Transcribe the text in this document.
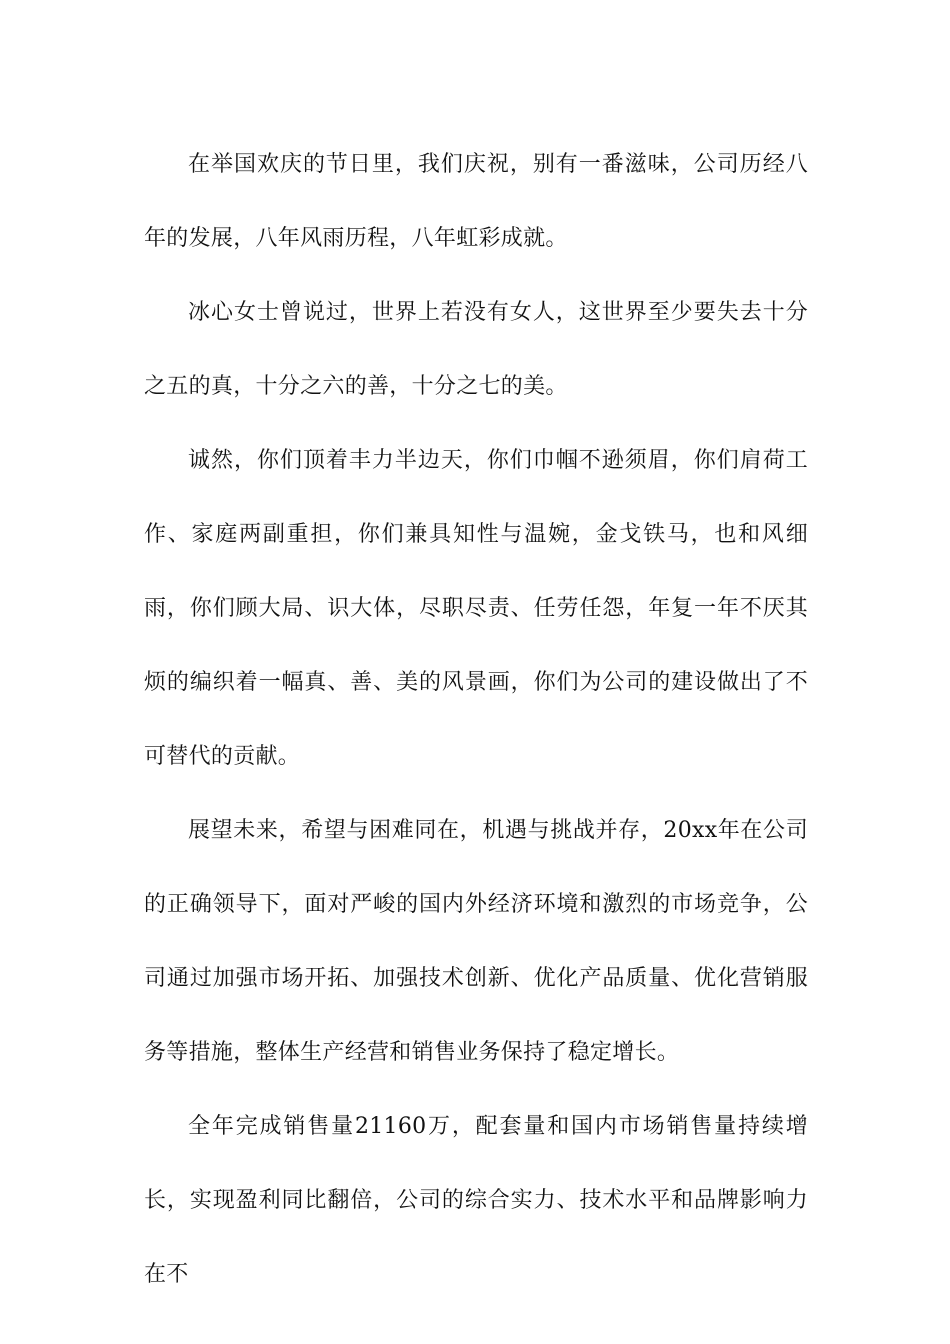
在举国欢庆的节日里，我们庆祝，别有一番滋味，公司历经八年的发展，八年风雨历程，八年虹彩成就。

冰心女士曾说过，世界上若没有女人，这世界至少要失去十分之五的真，十分之六的善，十分之七的美。

诚然，你们顶着丰力半边天，你们巾帼不逊须眉，你们肩荷工作、家庭两副重担，你们兼具知性与温婉，金戈铁马，也和风细雨，你们顾大局、识大体，尽职尽责、任劳任怨，年复一年不厌其烦的编织着一幅真、善、美的风景画，你们为公司的建设做出了不可替代的贡献。

展望未来，希望与困难同在，机遇与挑战并存，20xx年在公司的正确领导下，面对严峻的国内外经济环境和激烈的市场竞争，公司通过加强市场开拓、加强技术创新、优化产品质量、优化营销服务等措施，整体生产经营和销售业务保持了稳定增长。

全年完成销售量21160万，配套量和国内市场销售量持续增长，实现盈利同比翻倍，公司的综合实力、技术水平和品牌影响力在不
